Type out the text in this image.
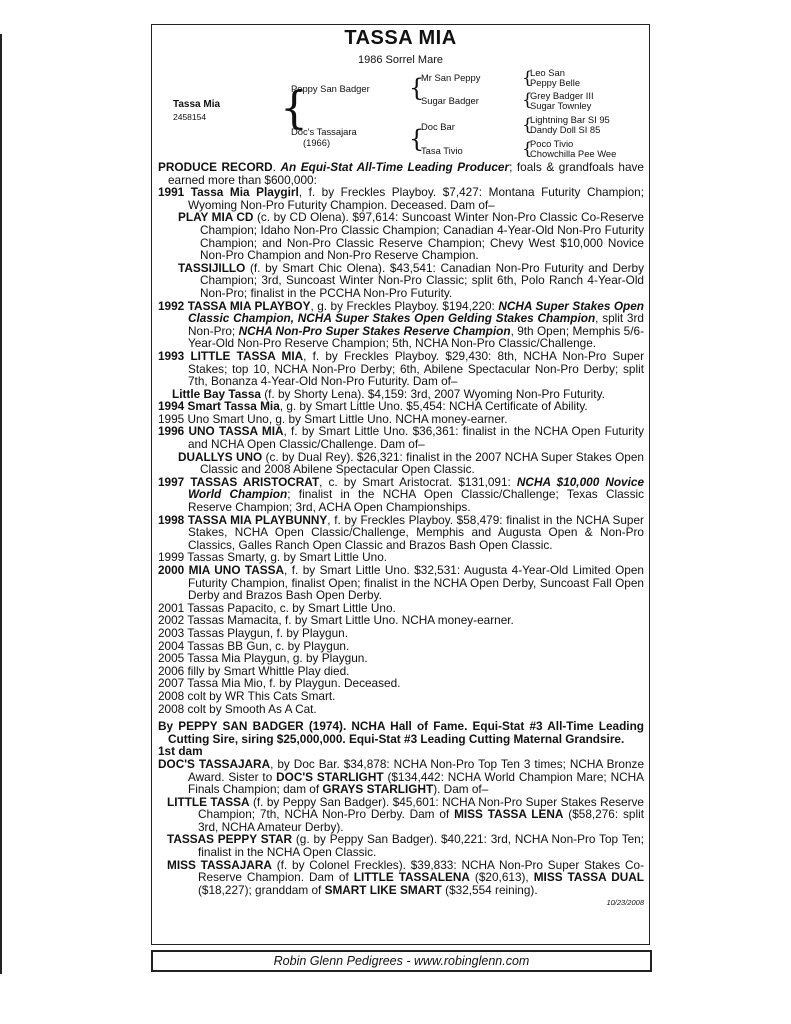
TASSA MIA
1986 Sorrel Mare
Tassa Mia
2458154 {
Peppy San Badger
Doc's Tassajara
(1966)
{
Mr San Peppy
Sugar Badger
{
Doc Bar
Tasa Tivio
{
Leo San
Peppy Belle
{
Grey Badger III
Sugar Townley
{
Lightning Bar SI 95
Dandy Doll SI 85
{
Poco Tivio
Chowchilla Pee Wee

PRODUCE RECORD. An Equi-Stat All-Time Leading Producer; foals & grandfoals have earned more than $600,000:

1991 Tassa Mia Playgirl, f. by Freckles Playboy. $7,427: Montana Futurity Champion; Wyoming Non-Pro Futurity Champion. Deceased. Dam of–

PLAY MIA CD (c. by CD Olena). $97,614: Suncoast Winter Non-Pro Classic Co-Reserve Champion; Idaho Non-Pro Classic Champion; Canadian 4-Year-Old Non-Pro Futurity Champion; and Non-Pro Classic Reserve Champion; Chevy West $10,000 Novice Non-Pro Champion and Non-Pro Reserve Champion.

TASSIJILLO (f. by Smart Chic Olena). $43,541: Canadian Non-Pro Futurity and Derby Champion; 3rd, Suncoast Winter Non-Pro Classic; split 6th, Polo Ranch 4-Year-Old Non-Pro; finalist in the PCCHA Non-Pro Futurity.

1992 TASSA MIA PLAYBOY, g. by Freckles Playboy. $194,220: NCHA Super Stakes Open Classic Champion, NCHA Super Stakes Open Gelding Stakes Champion, split 3rd Non-Pro; NCHA Non-Pro Super Stakes Reserve Champion, 9th Open; Memphis 5/6-Year-Old Non-Pro Reserve Champion; 5th, NCHA Non-Pro Classic/Challenge.

1993 LITTLE TASSA MIA, f. by Freckles Playboy. $29,430: 8th, NCHA Non-Pro Super Stakes; top 10, NCHA Non-Pro Derby; 6th, Abilene Spectacular Non-Pro Derby; split 7th, Bonanza 4-Year-Old Non-Pro Futurity. Dam of–

Little Bay Tassa (f. by Shorty Lena). $4,159: 3rd, 2007 Wyoming Non-Pro Futurity.

1994 Smart Tassa Mia, g. by Smart Little Uno. $5,454: NCHA Certificate of Ability.

1995 Uno Smart Uno, g. by Smart Little Uno. NCHA money-earner.

1996 UNO TASSA MIA, f. by Smart Little Uno. $36,361: finalist in the NCHA Open Futurity and NCHA Open Classic/Challenge. Dam of–

DUALLYS UNO (c. by Dual Rey). $26,321: finalist in the 2007 NCHA Super Stakes Open Classic and 2008 Abilene Spectacular Open Classic.

1997 TASSAS ARISTOCRAT, c. by Smart Aristocrat. $131,091: NCHA $10,000 Novice World Champion; finalist in the NCHA Open Classic/Challenge; Texas Classic Reserve Champion; 3rd, ACHA Open Championships.

1998 TASSA MIA PLAYBUNNY, f. by Freckles Playboy. $58,479: finalist in the NCHA Super Stakes, NCHA Open Classic/Challenge, Memphis and Augusta Open & Non-Pro Classics, Galles Ranch Open Classic and Brazos Bash Open Classic.

1999 Tassas Smarty, g. by Smart Little Uno.

2000 MIA UNO TASSA, f. by Smart Little Uno. $32,531: Augusta 4-Year-Old Limited Open Futurity Champion, finalist Open; finalist in the NCHA Open Derby, Suncoast Fall Open Derby and Brazos Bash Open Derby.

2001 Tassas Papacito, c. by Smart Little Uno.

2002 Tassas Mamacita, f. by Smart Little Uno. NCHA money-earner.

2003 Tassas Playgun, f. by Playgun.

2004 Tassas BB Gun, c. by Playgun.

2005 Tassa Mia Playgun, g. by Playgun.

2006 filly by Smart Whittle Play died.

2007 Tassa Mia Mio, f. by Playgun. Deceased.

2008 colt by WR This Cats Smart.

2008 colt by Smooth As A Cat.

By PEPPY SAN BADGER (1974). NCHA Hall of Fame. Equi-Stat #3 All-Time Leading Cutting Sire, siring $25,000,000. Equi-Stat #3 Leading Cutting Maternal Grandsire.

1st dam

DOC'S TASSAJARA, by Doc Bar. $34,878: NCHA Non-Pro Top Ten 3 times; NCHA Bronze Award. Sister to DOC'S STARLIGHT ($134,442: NCHA World Champion Mare; NCHA Finals Champion; dam of GRAYS STARLIGHT). Dam of–

LITTLE TASSA (f. by Peppy San Badger). $45,601: NCHA Non-Pro Super Stakes Reserve Champion; 7th, NCHA Non-Pro Derby. Dam of MISS TASSA LENA ($58,276: split 3rd, NCHA Amateur Derby).

TASSAS PEPPY STAR (g. by Peppy San Badger). $40,221: 3rd, NCHA Non-Pro Top Ten; finalist in the NCHA Open Classic.

MISS TASSAJARA (f. by Colonel Freckles). $39,833: NCHA Non-Pro Super Stakes Co-Reserve Champion. Dam of LITTLE TASSALENA ($20,613), MISS TASSA DUAL ($18,227); granddam of SMART LIKE SMART ($32,554 reining).

10/23/2008
Robin Glenn Pedigrees - www.robinglenn.com
